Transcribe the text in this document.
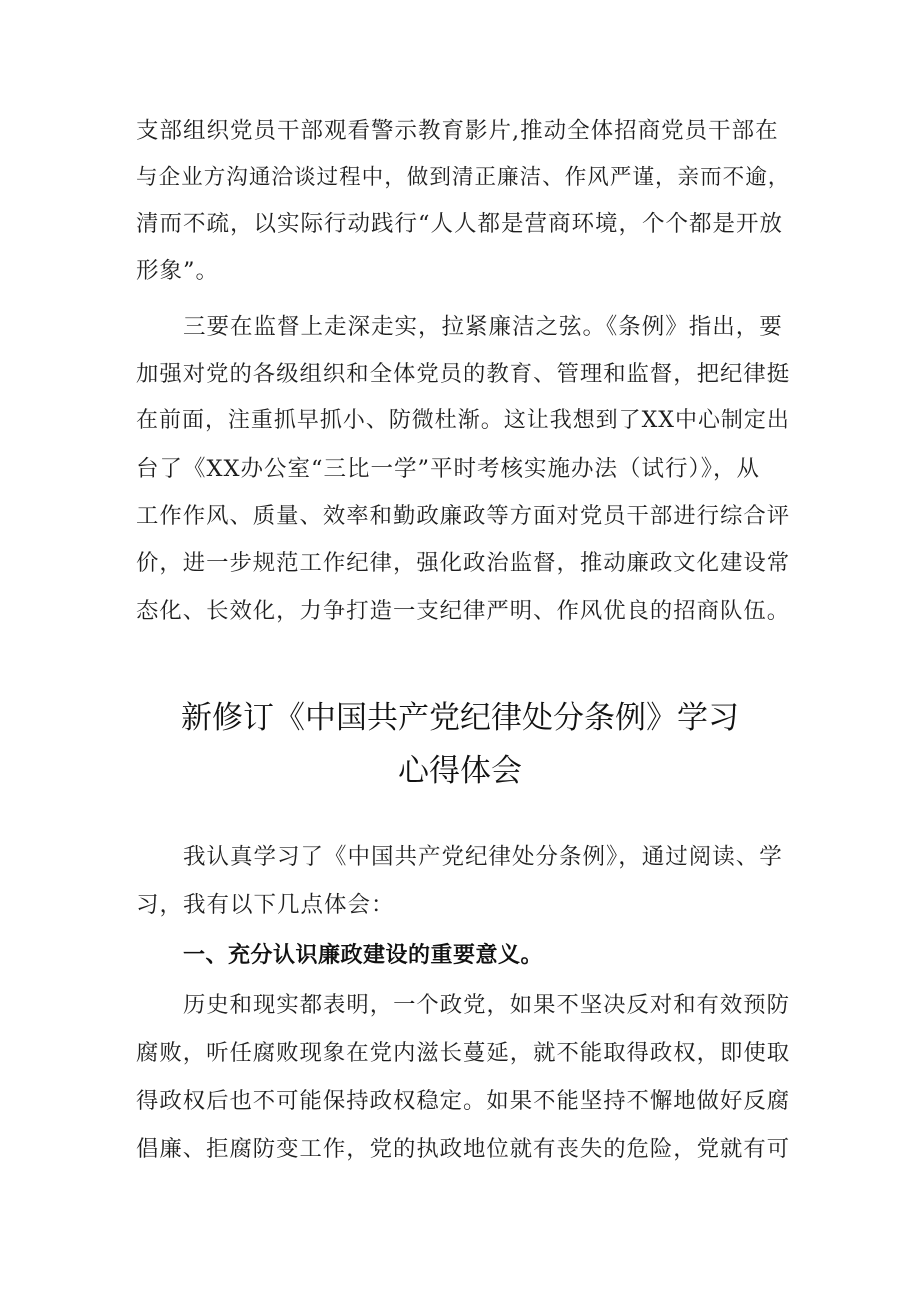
支部组织党员干部观看警示教育影片,推动全体招商党员干部在

与企业方沟通洽谈过程中，做到清正廉洁、作风严谨，亲而不逾，

清而不疏，以实际行动践行“人人都是营商环境，个个都是开放

形象”。

三要在监督上走深走实，拉紧廉洁之弦。《条例》指出，要

加强对党的各级组织和全体党员的教育、管理和监督，把纪律挺

在前面，注重抓早抓小、防微杜渐。这让我想到了XX中心制定出

台了《XX办公室“三比一学”平时考核实施办法（试行）》，从

工作作风、质量、效率和勤政廉政等方面对党员干部进行综合评

价，进一步规范工作纪律，强化政治监督，推动廉政文化建设常

态化、长效化，力争打造一支纪律严明、作风优良的招商队伍。

新修订《中国共产党纪律处分条例》学习
心得体会

我认真学习了《中国共产党纪律处分条例》，通过阅读、学

习，我有以下几点体会：

一、充分认识廉政建设的重要意义。

历史和现实都表明，一个政党，如果不坚决反对和有效预防

腐败，听任腐败现象在党内滋长蔓延，就不能取得政权，即使取

得政权后也不可能保持政权稳定。如果不能坚持不懈地做好反腐

倡廉、拒腐防变工作，党的执政地位就有丧失的危险，党就有可
